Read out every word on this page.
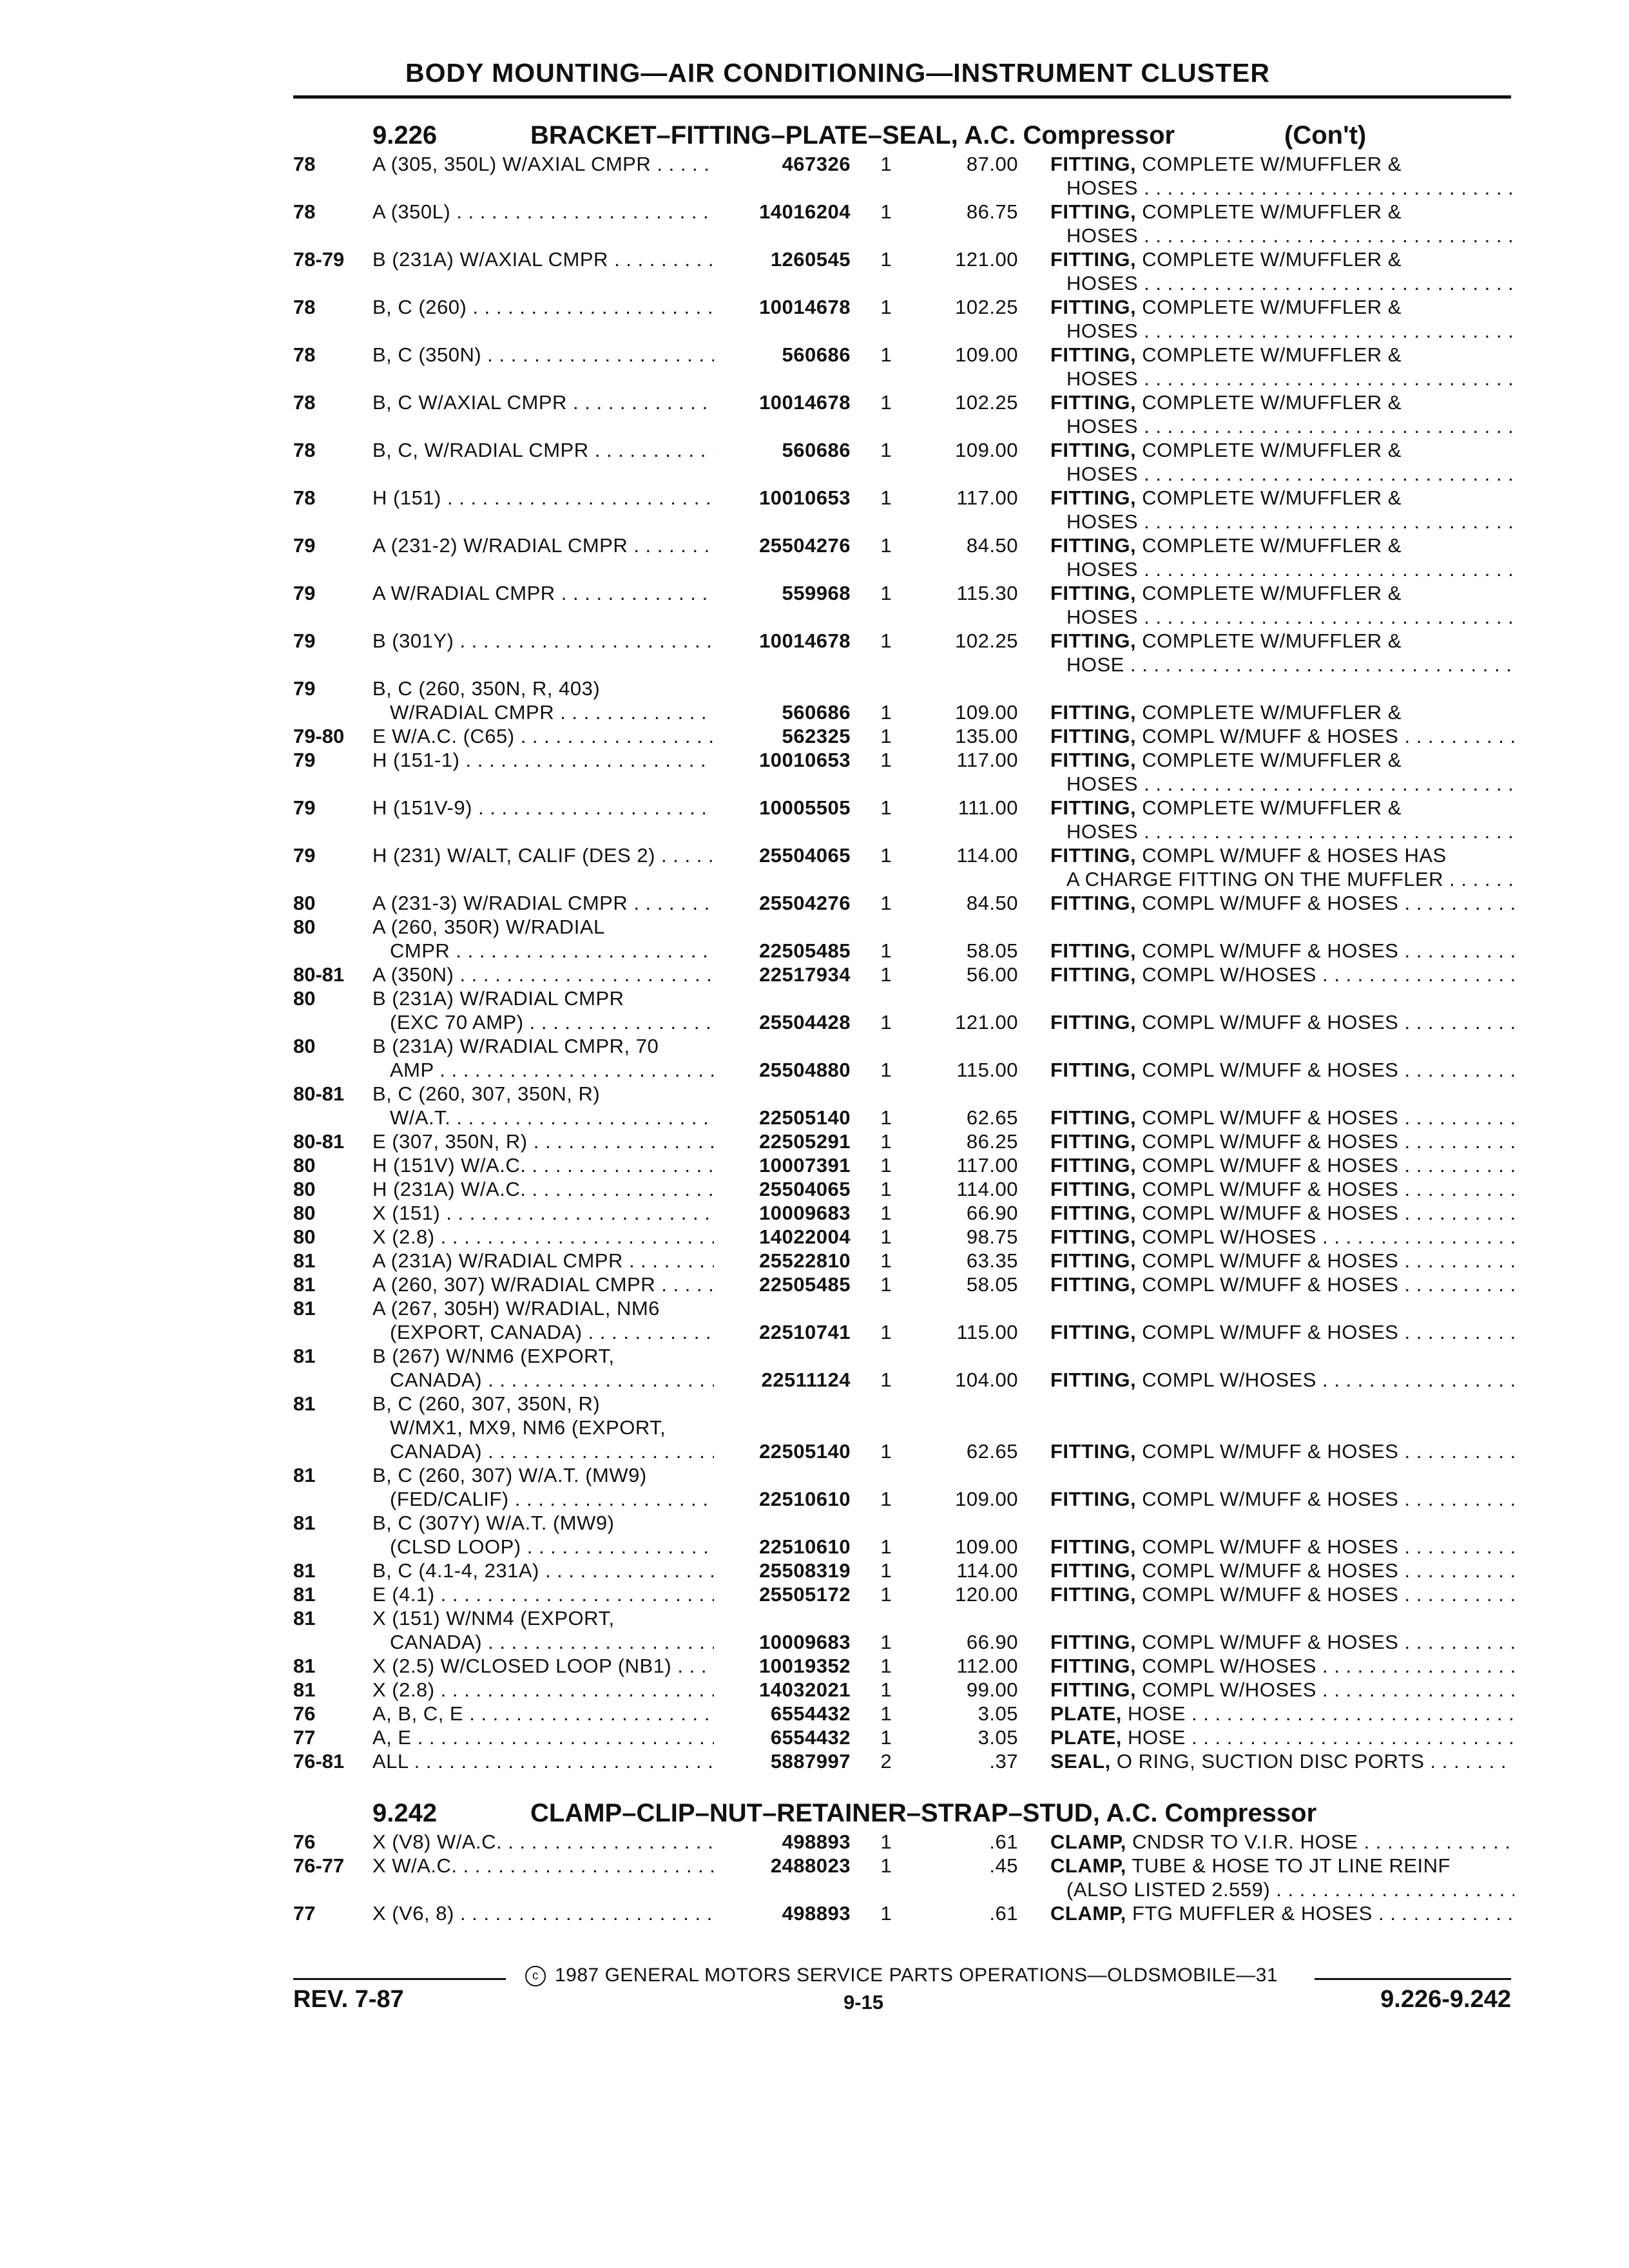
BODY MOUNTING—AIR CONDITIONING—INSTRUMENT CLUSTER
9.226	BRACKET–FITTING–PLATE–SEAL, A.C. Compressor	(Con't)
9.242	CLAMP–CLIP–NUT–RETAINER–STRAP–STUD, A.C. Compressor
78	A (305, 350L) W/AXIAL CMPR . . .	467326	1	87.00 FITTING, COMPLETE W/MUFFLER &
HOSES . . .
78	A (350L) . . .	14016204	1	86.75 FITTING, COMPLETE W/MUFFLER &
HOSES . . .
78-79	B (231A) W/AXIAL CMPR . . .	1260545	1	121.00 FITTING, COMPLETE W/MUFFLER &
HOSES . . .
78	B, C (260) . . .	10014678	1	102.25 FITTING, COMPLETE W/MUFFLER &
HOSES . . .
78	B, C (350N) . . .	560686	1	109.00 FITTING, COMPLETE W/MUFFLER &
HOSES . . .
78	B, C W/AXIAL CMPR . . .	10014678	1	102.25 FITTING, COMPLETE W/MUFFLER &
HOSES . . .
78	B, C, W/RADIAL CMPR . . .	560686	1	109.00 FITTING, COMPLETE W/MUFFLER &
HOSES . . .
78	H (151) . . .	10010653	1	117.00 FITTING, COMPLETE W/MUFFLER &
HOSES . . .
79	A (231-2) W/RADIAL CMPR . . .	25504276	1	84.50 FITTING, COMPLETE W/MUFFLER &
HOSES . . .
79	A W/RADIAL CMPR . . .	559968	1	115.30 FITTING, COMPLETE W/MUFFLER &
HOSES . . .
79	B (301Y) . . .	10014678	1	102.25 FITTING, COMPLETE W/MUFFLER &
HOSE . . .
79	B, C (260, 350N, R, 403)
W/RADIAL CMPR . . .	560686	1	109.00 FITTING, COMPLETE W/MUFFLER &
79-80	E W/A.C. (C65) . . .	562325	1	135.00 FITTING, COMPL W/MUFF & HOSES . . .
79	H (151-1) . . .	10010653	1	117.00 FITTING, COMPLETE W/MUFFLER &
HOSES . . .
79	H (151V-9) . . .	10005505	1	111.00 FITTING, COMPLETE W/MUFFLER &
HOSES . . .
79	H (231) W/ALT, CALIF (DES 2) . . .	25504065	1	114.00 FITTING, COMPL W/MUFF & HOSES HAS
A CHARGE FITTING ON THE MUFFLER . . . .
80	A (231-3) W/RADIAL CMPR . . .	25504276	1	84.50 FITTING, COMPL W/MUFF & HOSES . . .
80	A (260, 350R) W/RADIAL
CMPR . . .	22505485	1	58.05 FITTING, COMPL W/MUFF & HOSES . . .
80-81	A (350N) . . .	22517934	1	56.00 FITTING, COMPL W/HOSES . . .
80	B (231A) W/RADIAL CMPR
(EXC 70 AMP) . . .	25504428	1	121.00 FITTING, COMPL W/MUFF & HOSES . . .
80	B (231A) W/RADIAL CMPR, 70
AMP . . .	25504880	1	115.00 FITTING, COMPL W/MUFF & HOSES . . .
80-81	B, C (260, 307, 350N, R)
W/A.T. . . .	22505140	1	62.65 FITTING, COMPL W/MUFF & HOSES . . .
80-81	E (307, 350N, R) . . .	22505291	1	86.25 FITTING, COMPL W/MUFF & HOSES . . .
80	H (151V) W/A.C. . . .	10007391	1	117.00 FITTING, COMPL W/MUFF & HOSES . . .
80	H (231A) W/A.C. . . .	25504065	1	114.00 FITTING, COMPL W/MUFF & HOSES . . .
80	X (151) . . .	10009683	1	66.90 FITTING, COMPL W/MUFF & HOSES . . .
80	X (2.8) . . .	14022004	1	98.75 FITTING, COMPL W/HOSES . . .
81	A (231A) W/RADIAL CMPR . . .	25522810	1	63.35 FITTING, COMPL W/MUFF & HOSES . . .
81	A (260, 307) W/RADIAL CMPR . . .	22505485	1	58.05 FITTING, COMPL W/MUFF & HOSES . . .
81	A (267, 305H) W/RADIAL, NM6
(EXPORT, CANADA) . . .	22510741	1	115.00 FITTING, COMPL W/MUFF & HOSES . . .
81	B (267) W/NM6 (EXPORT,
CANADA) . . .	22511124	1	104.00 FITTING, COMPL W/HOSES . . .
81	B, C (260, 307, 350N, R)
W/MX1, MX9, NM6 (EXPORT,
CANADA) . . .	22505140	1	62.65 FITTING, COMPL W/MUFF & HOSES . . .
81	B, C (260, 307) W/A.T. (MW9)
(FED/CALIF) . . .	22510610	1	109.00 FITTING, COMPL W/MUFF & HOSES . . .
81	B, C (307Y) W/A.T. (MW9)
(CLSD LOOP) . . .	22510610	1	109.00 FITTING, COMPL W/MUFF & HOSES . . .
81	B, C (4.1-4, 231A) . . .	25508319	1	114.00 FITTING, COMPL W/MUFF & HOSES . . .
81	E (4.1) . . .	25505172	1	120.00 FITTING, COMPL W/MUFF & HOSES . . .
81	X (151) W/NM4 (EXPORT,
CANADA) . . .	10009683	1	66.90 FITTING, COMPL W/MUFF & HOSES . . .
81	X (2.5) W/CLOSED LOOP (NB1) . . .	10019352	1	112.00 FITTING, COMPL W/HOSES . . .
81	X (2.8) . . .	14032021	1	99.00 FITTING, COMPL W/HOSES . . .
76	A, B, C, E . . .	6554432	1	3.05 PLATE, HOSE . . .
77	A, E . . .	6554432	1	3.05 PLATE, HOSE . . .
76-81	ALL . . .	5887997	2	.37 SEAL, O RING, SUCTION DISC PORTS . . .
76	X (V8) W/A.C. . . .	498893	1	.61 CLAMP, CNDSR TO V.I.R. HOSE . . .
76-77	X W/A.C. . . .	2488023	1	.45 CLAMP, TUBE & HOSE TO JT LINE REINF
(ALSO LISTED 2.559) . . .
77	X (V6, 8) . . .	498893	1	.61 CLAMP, FTG MUFFLER & HOSES . . .
c 1987 GENERAL MOTORS SERVICE PARTS OPERATIONS—OLDSMOBILE—31
REV. 7-87	9-15	9.226-9.242
